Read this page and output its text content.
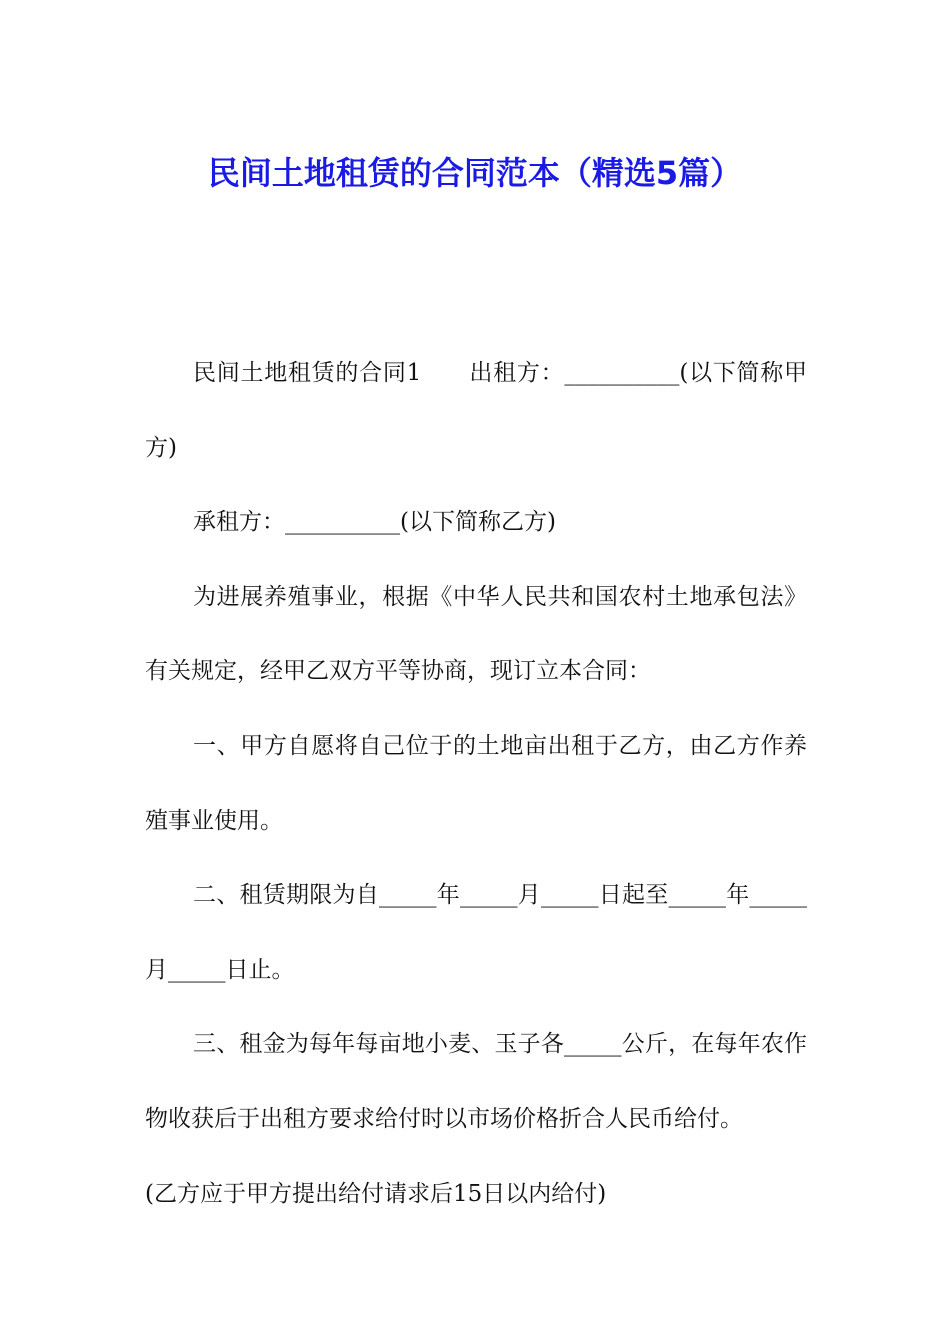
民间土地租赁的合同范本（精选5篇）

民间土地租赁的合同1　　出租方：__________(以下简称甲方)

承租方：__________(以下简称乙方)

为进展养殖事业，根据《中华人民共和国农村土地承包法》有关规定，经甲乙双方平等协商，现订立本合同：

一、甲方自愿将自己位于的土地亩出租于乙方，由乙方作养殖事业使用。

二、租赁期限为自_____年_____月_____日起至_____年_____月_____日止。

三、租金为每年每亩地小麦、玉子各_____公斤，在每年农作物收获后于出租方要求给付时以市场价格折合人民币给付。

(乙方应于甲方提出给付请求后15日以内给付)
